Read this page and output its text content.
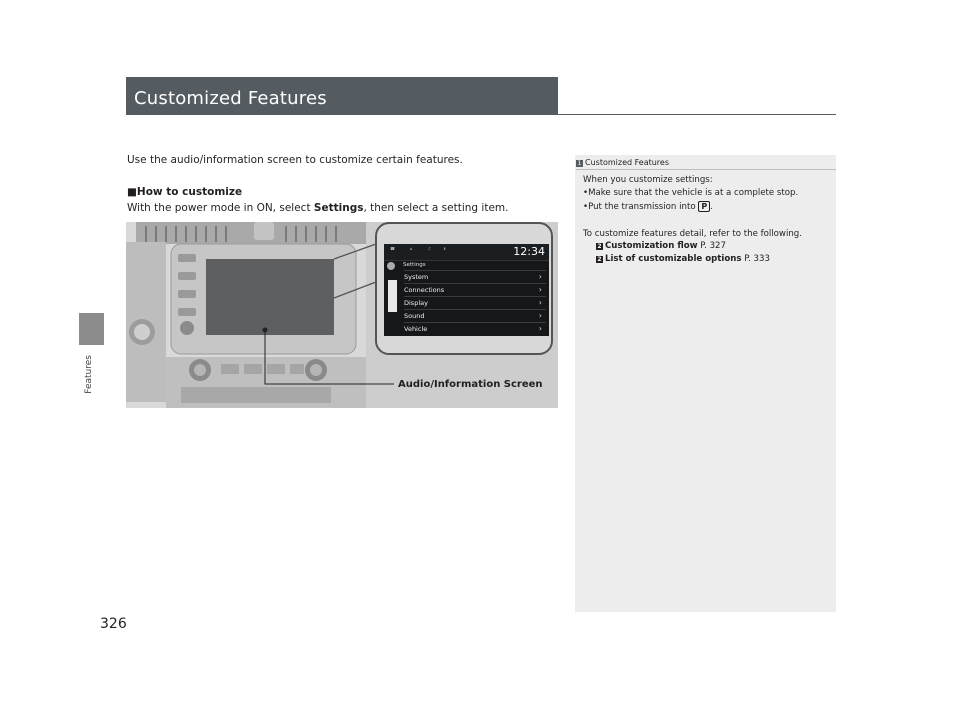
Features
326
Customized Features
Use the audio/information screen to customize certain features.
■How to customize
With the power mode in ON, select Settings, then select a setting item.
☎	⌂	♪	ℹ	12:34
Settings
System	›
Connections	›
Display	›
Sound	›
Vehicle	›
Audio/Information Screen
1 Customized Features
When you customize settings:
•Make sure that the vehicle is at a complete stop.
•Put the transmission into P .
To customize features detail, refer to the following.
2 Customization flow P. 327
2 List of customizable options P. 333
